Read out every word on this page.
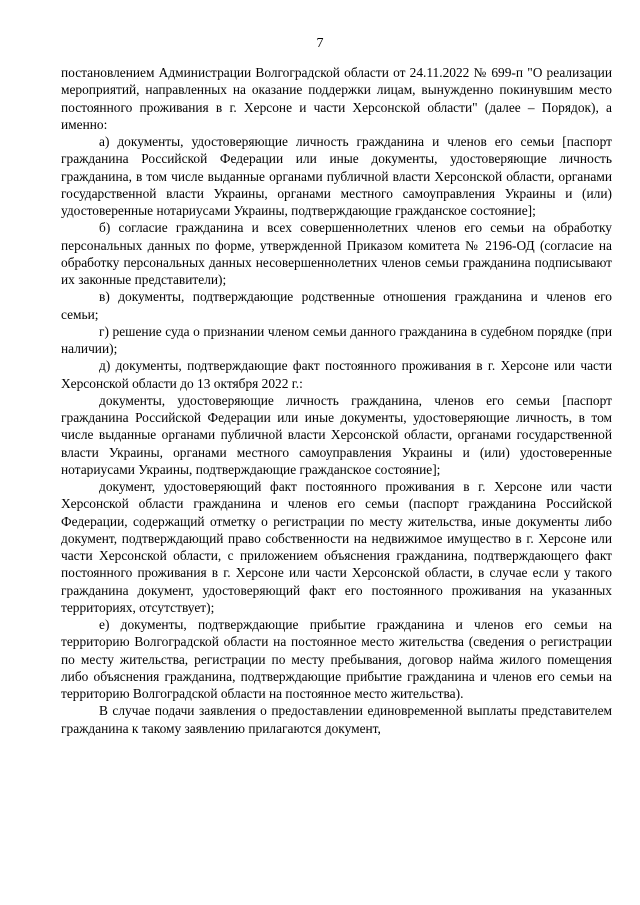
7

постановлением Администрации Волгоградской области от 24.11.2022 № 699-п "О реализации мероприятий, направленных на оказание поддержки лицам, вынужденно покинувшим место постоянного проживания в г. Херсоне и части Херсонской области" (далее – Порядок), а именно:

а) документы, удостоверяющие личность гражданина и членов его семьи [паспорт гражданина Российской Федерации или иные документы, удостоверяющие личность гражданина, в том числе выданные органами публичной власти Херсонской области, органами государственной власти Украины, органами местного самоуправления Украины и (или) удостоверенные нотариусами Украины, подтверждающие гражданское состояние];

б) согласие гражданина и всех совершеннолетних членов его семьи на обработку персональных данных по форме, утвержденной Приказом комитета № 2196-ОД (согласие на обработку персональных данных несовершеннолетних членов семьи гражданина подписывают их законные представители);

в) документы, подтверждающие родственные отношения гражданина и членов его семьи;

г) решение суда о признании членом семьи данного гражданина в судебном порядке (при наличии);

д) документы, подтверждающие факт постоянного проживания в г. Херсоне или части Херсонской области до 13 октября 2022 г.:

документы, удостоверяющие личность гражданина, членов его семьи [паспорт гражданина Российской Федерации или иные документы, удостоверяющие личность, в том числе выданные органами публичной власти Херсонской области, органами государственной власти Украины, органами местного самоуправления Украины и (или) удостоверенные нотариусами Украины, подтверждающие гражданское состояние];

документ, удостоверяющий факт постоянного проживания в г. Херсоне или части Херсонской области гражданина и членов его семьи (паспорт гражданина Российской Федерации, содержащий отметку о регистрации по месту жительства, иные документы либо документ, подтверждающий право собственности на недвижимое имущество в г. Херсоне или части Херсонской области, с приложением объяснения гражданина, подтверждающего факт постоянного проживания в г. Херсоне или части Херсонской области, в случае если у такого гражданина документ, удостоверяющий факт его постоянного проживания на указанных территориях, отсутствует);

е) документы, подтверждающие прибытие гражданина и членов его семьи на территорию Волгоградской области на постоянное место жительства (сведения о регистрации по месту жительства, регистрации по месту пребывания, договор найма жилого помещения либо объяснения гражданина, подтверждающие прибытие гражданина и членов его семьи на территорию Волгоградской области на постоянное место жительства).

В случае подачи заявления о предоставлении единовременной выплаты представителем гражданина к такому заявлению прилагаются документ,
